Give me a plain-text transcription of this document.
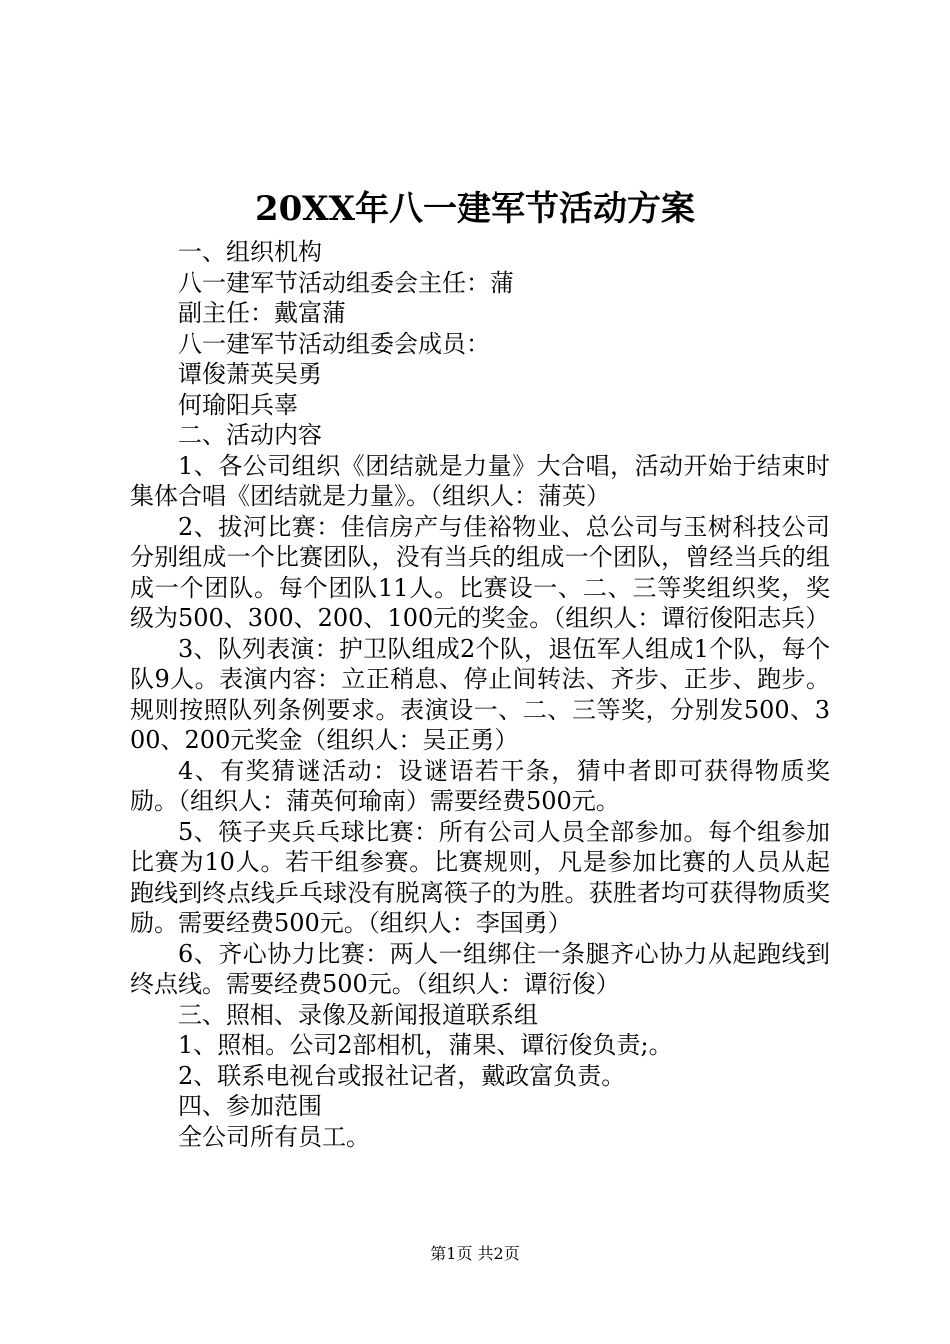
20XX年八一建军节活动方案

一、组织机构

八一建军节活动组委会主任：蒲

副主任：戴富蒲

八一建军节活动组委会成员：

谭俊萧英吴勇

何瑜阳兵辜

二、活动内容

1、各公司组织《团结就是力量》大合唱，活动开始于结束时集体合唱《团结就是力量》。（组织人：蒲英）

2、拔河比赛：佳信房产与佳裕物业、总公司与玉树科技公司分别组成一个比赛团队，没有当兵的组成一个团队，曾经当兵的组成一个团队。每个团队11人。比赛设一、二、三等奖组织奖，奖级为500、300、200、100元的奖金。（组织人：谭衍俊阳志兵）

3、队列表演：护卫队组成2个队，退伍军人组成1个队，每个队9人。表演内容：立正稍息、停止间转法、齐步、正步、跑步。规则按照队列条例要求。表演设一、二、三等奖，分别发500、300、200元奖金（组织人：吴正勇）

4、有奖猜谜活动：设谜语若干条，猜中者即可获得物质奖励。（组织人：蒲英何瑜南）需要经费500元。

5、筷子夹兵乓球比赛：所有公司人员全部参加。每个组参加比赛为10人。若干组参赛。比赛规则，凡是参加比赛的人员从起跑线到终点线乒乓球没有脱离筷子的为胜。获胜者均可获得物质奖励。需要经费500元。（组织人：李国勇）

6、齐心协力比赛：两人一组绑住一条腿齐心协力从起跑线到终点线。需要经费500元。（组织人：谭衍俊）

三、照相、录像及新闻报道联系组

1、照相。公司2部相机，蒲果、谭衍俊负责;。

2、联系电视台或报社记者，戴政富负责。

四、参加范围

全公司所有员工。

第1页 共2页
